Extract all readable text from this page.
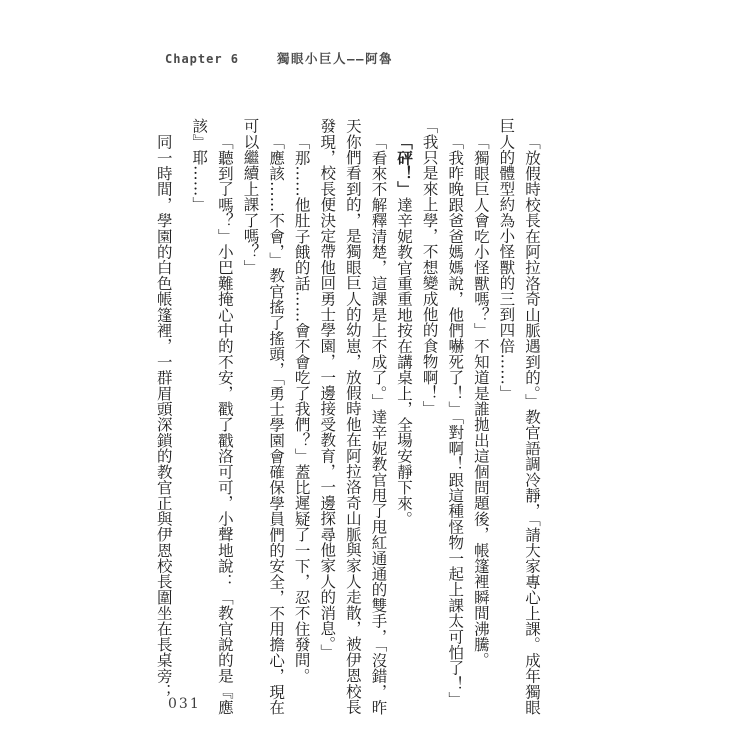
Chapter 6	獨眼小巨人——阿魯

「放假時校長在阿拉洛奇山脈遇到的。」教官語調冷靜，「請大家專心上課。成年獨眼巨人的體型約為小怪獸的三到四倍……」

「獨眼巨人會吃小怪獸嗎？」不知道是誰拋出這個問題後，帳篷裡瞬間沸騰。

「我昨晚跟爸爸媽媽說，他們嚇死了！」「對啊！跟這種怪物一起上課太可怕了！」「我只是來上學，不想變成他的食物啊！」

「砰！」達辛妮教官重重地按在講桌上，全場安靜下來。

「看來不解釋清楚，這課是上不成了。」達辛妮教官甩了甩紅通通的雙手，「沒錯，昨天你們看到的，是獨眼巨人的幼崽，放假時他在阿拉洛奇山脈與家人走散，被伊恩校長發現，校長便決定帶他回勇士學園，一邊接受教育，一邊探尋他家人的消息。」

「那……他肚子餓的話……會不會吃了我們？」蓋比遲疑了一下，忍不住發問。

「應該……不會，」教官搖了搖頭，「勇士學園會確保學員們的安全，不用擔心，現在可以繼續上課了嗎？」

「聽到了嗎？」小巴難掩心中的不安，戳了戳洛可可，小聲地說：「教官說的是『應該』耶……」

同一時間，學園的白色帳篷裡，一群眉頭深鎖的教官正與伊恩校長圍坐在長桌旁；

031
